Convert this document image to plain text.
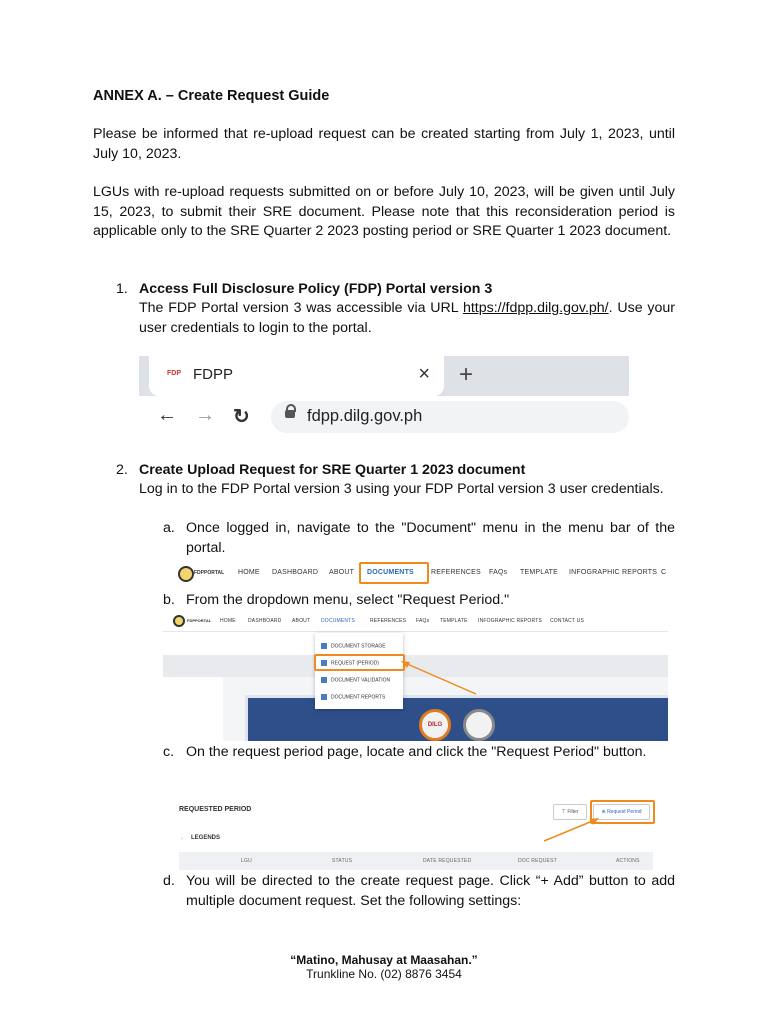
ANNEX A. – Create Request Guide
Please be informed that re-upload request can be created starting from July 1, 2023, until July 10, 2023.
LGUs with re-upload requests submitted on or before July 10, 2023, will be given until July 15, 2023, to submit their SRE document. Please note that this reconsideration period is applicable only to the SRE Quarter 2 2023 posting period or SRE Quarter 1 2023 document.
1. Access Full Disclosure Policy (FDP) Portal version 3
The FDP Portal version 3 was accessible via URL https://fdpp.dilg.gov.ph/. Use your user credentials to login to the portal.
FDP FDPP	× +
← → ↻	fdpp.dilg.gov.ph
2. Create Upload Request for SRE Quarter 1 2023 document
Log in to the FDP Portal version 3 using your FDP Portal version 3 user credentials.
a. Once logged in, navigate to the "Document" menu in the menu bar of the portal.
FDPPORTAL HOME DASHBOARD ABOUT DOCUMENTS REFERENCES FAQs TEMPLATE INFOGRAPHIC REPORTS C
b. From the dropdown menu, select "Request Period."
FDPPORTAL HOME DASHBOARD ABOUT DOCUMENTS	REFERENCES FAQs TEMPLATE INFOGRAPHIC REPORTS CONTACT US
DILG
DOCUMENT STORAGE
REQUEST (PERIOD)
DOCUMENT VALIDATION
DOCUMENT REPORTS
c. On the request period page, locate and click the "Request Period" button.
REQUESTED PERIOD	⊤ Filter	⊕ Request Period
› LEGENDS
LGU	STATUS	DATE REQUESTED	DOC REQUEST	ACTIONS
d. You will be directed to the create request page. Click “+ Add” button to add multiple document request. Set the following settings:
“Matino, Mahusay at Maasahan.”
Trunkline No. (02) 8876 3454
